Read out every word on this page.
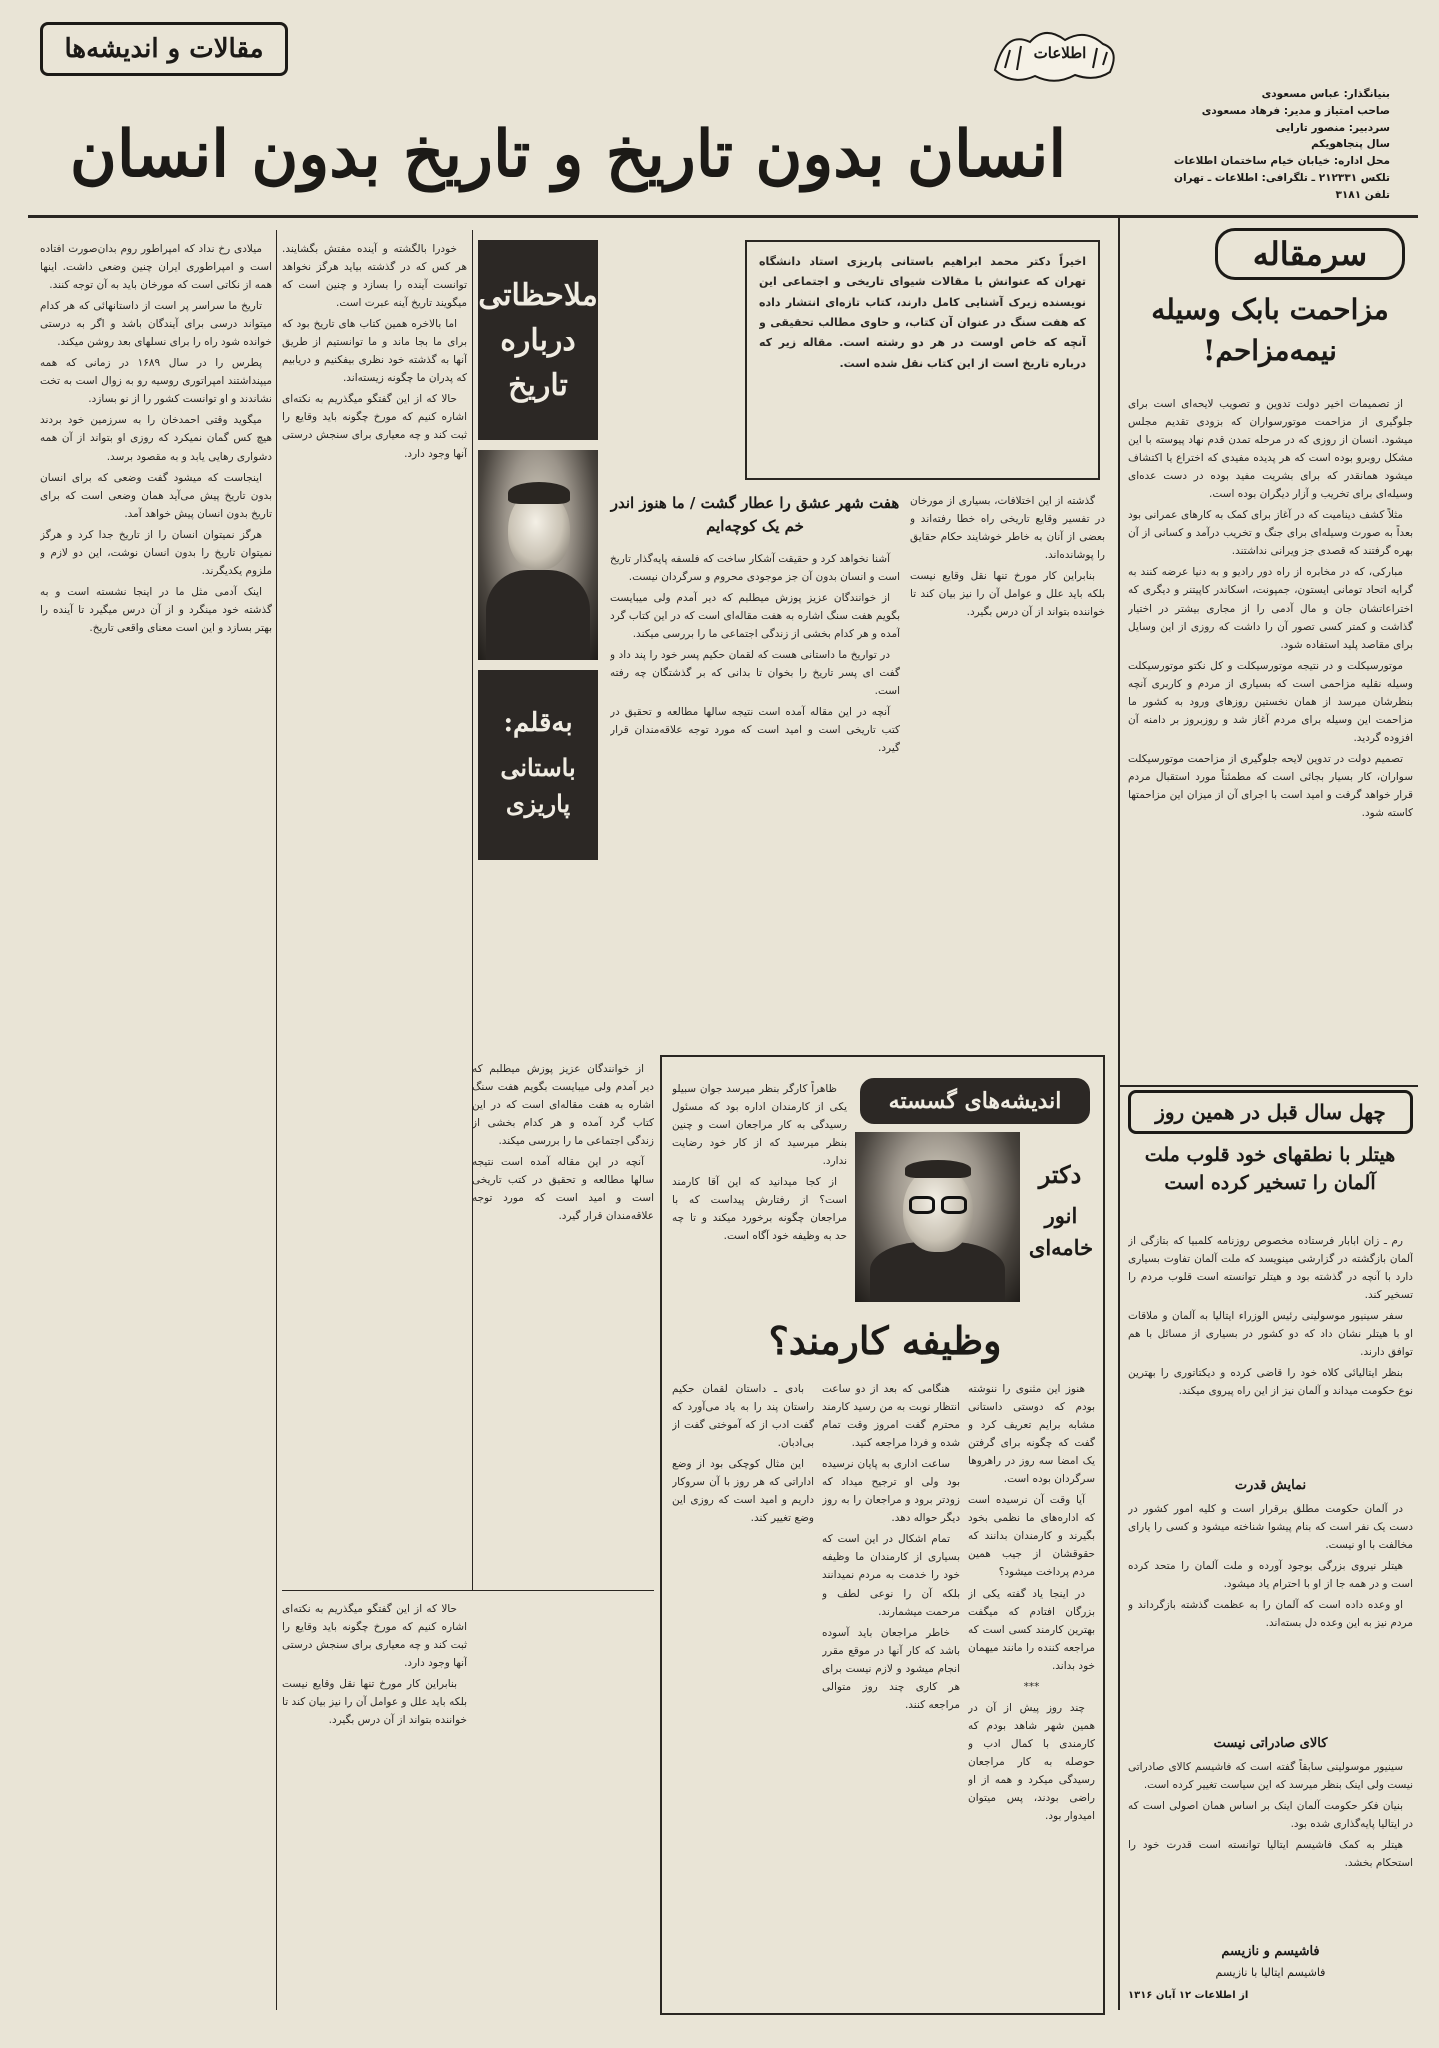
مقالات و اندیشه‌ها	اطلاعات
بنیانگذار: عباس مسعودی
صاحب امتیاز و مدیر: فرهاد مسعودی
سردبیر: منصور تارایی
سال پنجاهویکم
محل اداره: خیابان خیام ساختمان اطلاعات
تلکس ۲۱۲۳۳۱ ـ تلگرافی: اطلاعات ـ تهران
تلفن ۳۱۸۱
انسان بدون تاریخ و تاریخ بدون انسان
سرمقاله
مزاحمت بابک وسیله نیمه‌مزاحم!

از تصمیمات اخیر دولت تدوین و تصویب لایحه‌ای است برای جلوگیری از مزاحمت موتورسواران که بزودی تقدیم مجلس میشود. انسان از روزی که در مرحله تمدن قدم نهاد پیوسته با این مشکل روبرو بوده است که هر پدیده مفیدی که اختراع یا اکتشاف میشود همانقدر که برای بشریت مفید بوده در دست عده‌ای وسیله‌ای برای تخریب و آزار دیگران بوده است.

مثلاً کشف دینامیت که در آغاز برای کمک به کارهای عمرانی بود بعداً به صورت وسیله‌ای برای جنگ و تخریب درآمد و کسانی از آن بهره گرفتند که قصدی جز ویرانی نداشتند.

مبارکی، که در مخابره از راه دور رادیو و به دنیا عرضه کنند به گرایه اتحاد تومانی ایستون، جمپونت، اسکاندر کاپیتنر و دیگری که اختراعاتشان جان و مال آدمی را از مجاری بیشتر در اختیار گذاشت و کمتر کسی تصور آن را داشت که روزی از این وسایل برای مقاصد پلید استفاده شود.

موتورسیکلت و در نتیجه موتورسیکلت و کل نکتو موتورسیکلت وسیله نقلیه مزاحمی است که بسیاری از مردم و کاربری آنچه بنظرشان میرسد از همان نخستین روزهای ورود به کشور ما مزاحمت این وسیله برای مردم آغاز شد و روزبروز بر دامنه آن افزوده گردید.

تصمیم دولت در تدوین لایحه جلوگیری از مزاحمت موتورسیکلت سواران، کار بسیار بجائی است که مطمئناً مورد استقبال مردم قرار خواهد گرفت و امید است با اجرای آن از میزان این مزاحمتها کاسته شود.

چهل سال قبل در همین روز
هیتلر با نطقهای خود قلوب ملت آلمان را تسخیر کرده است

رم ـ زان ابابار فرستاده مخصوص روزنامه کلمبیا که بتازگی از آلمان بازگشته در گزارشی مینویسد که ملت آلمان تفاوت بسیاری دارد با آنچه در گذشته بود و هیتلر توانسته است قلوب مردم را تسخیر کند.

سفر سینیور موسولینی رئیس الوزراء ایتالیا به آلمان و ملاقات او با هیتلر نشان داد که دو کشور در بسیاری از مسائل با هم توافق دارند.

بنظر ایتالیائی کلاه خود را قاضی کرده و دیکتاتوری را بهترین نوع حکومت میداند و آلمان نیز از این راه پیروی میکند.

نمایش قدرت

در آلمان حکومت مطلق برقرار است و کلیه امور کشور در دست یک نفر است که بنام پیشوا شناخته میشود و کسی را یارای مخالفت با او نیست.

هیتلر نیروی بزرگی بوجود آورده و ملت آلمان را متحد کرده است و در همه جا از او با احترام یاد میشود.

او وعده داده است که آلمان را به عظمت گذشته بازگرداند و مردم نیز به این وعده دل بسته‌اند.

کالای صادراتی نیست

سینیور موسولینی سابقاً گفته است که فاشیسم کالای صادراتی نیست ولی اینک بنظر میرسد که این سیاست تغییر کرده است.

بنیان فکر حکومت آلمان اینک بر اساس همان اصولی است که در ایتالیا پایه‌گذاری شده بود.

هیتلر به کمک فاشیسم ایتالیا توانسته است قدرت خود را استحکام بخشد.

فاشیسم و نازیسم
فاشیسم ایتالیا با نازیسم
از اطلاعات ۱۲ آبان ۱۳۱۶
اخیراً دکتر محمد ابراهیم باستانی پاریزی استاد دانشگاه تهران که عنوانش با مقالات شیوای تاریخی و اجتماعی این نویسنده زیرک آشنایی کامل دارند، کتاب تازه‌ای انتشار داده که هفت سنگ در عنوان آن کتاب، و حاوی مطالب تحقیقی و آنچه که خاص اوست در هر دو رشته است. مقاله زیر که درباره تاریخ است از این کتاب نقل شده است.
ملاحظاتی درباره تاریخ
به‌قلم:
باستانی پاریزی
هفت شهر عشق را عطار گشت / ما هنوز اندر خم یک کوچه‌ایم

آشنا نخواهد کرد و حقیقت آشکار ساخت که فلسفه پایه‌گذار تاریخ است و انسان بدون آن جز موجودی محروم و سرگردان نیست.

از خوانندگان عزیز پوزش میطلبم که دیر آمدم ولی میبایست بگویم هفت سنگ اشاره به هفت مقاله‌ای است که در این کتاب گرد آمده و هر کدام بخشی از زندگی اجتماعی ما را بررسی میکند.

در تواریخ ما داستانی هست که لقمان حکیم پسر خود را پند داد و گفت ای پسر تاریخ را بخوان تا بدانی که بر گذشتگان چه رفته است.

آنچه در این مقاله آمده است نتیجه سالها مطالعه و تحقیق در کتب تاریخی است و امید است که مورد توجه علاقه‌مندان قرار گیرد.

گذشته از این اختلافات، بسیاری از مورخان در تفسیر وقایع تاریخی راه خطا رفته‌اند و بعضی از آنان به خاطر خوشایند حکام حقایق را پوشانده‌اند.

بنابراین کار مورخ تنها نقل وقایع نیست بلکه باید علل و عوامل آن را نیز بیان کند تا خواننده بتواند از آن درس بگیرد.

خودرا بالگشته و آینده مفتش بگشایند. هر کس که در گذشته بیاید هرگز نخواهد توانست آینده را بسازد و چنین است که میگویند تاریخ آینه عبرت است.

اما بالاخره همین کتاب های تاریخ بود که برای ما بجا ماند و ما توانستیم از طریق آنها به گذشته خود نظری بیفکنیم و دریابیم که پدران ما چگونه زیسته‌اند.

حالا که از این گفتگو میگذریم به نکته‌ای اشاره کنیم که مورخ چگونه باید وقایع را ثبت کند و چه معیاری برای سنجش درستی آنها وجود دارد.

میلادی رخ نداد که امپراطور روم بدان‌صورت افتاده است و امپراطوری ایران چنین وضعی داشت. اینها همه از نکاتی است که مورخان باید به آن توجه کنند.

تاریخ ما سراسر پر است از داستانهائی که هر کدام میتواند درسی برای آیندگان باشد و اگر به درستی خوانده شود راه را برای نسلهای بعد روشن میکند.

پطرس را در سال ۱۶۸۹ در زمانی که همه میپنداشتند امپراتوری روسیه رو به زوال است به تخت نشاندند و او توانست کشور را از نو بسازد.

میگوید وقتی احمدخان را به سرزمین خود بردند هیچ کس گمان نمیکرد که روزی او بتواند از آن همه دشواری رهایی یابد و به مقصود برسد.

اینجاست که میشود گفت وضعی که برای انسان بدون تاریخ پیش می‌آید همان وضعی است که برای تاریخ بدون انسان پیش خواهد آمد.

هرگز نمیتوان انسان را از تاریخ جدا کرد و هرگز نمیتوان تاریخ را بدون انسان نوشت، این دو لازم و ملزوم یکدیگرند.

اینک آدمی مثل ما در اینجا نشسته است و به گذشته خود مینگرد و از آن درس میگیرد تا آینده را بهتر بسازد و این است معنای واقعی تاریخ.

اندیشه‌های گسسته
دکتر
انور خامه‌ای
وظیفه کارمند؟

ظاهراً کارگر بنظر میرسد جوان سبیلو یکی از کارمندان اداره بود که مسئول رسیدگی به کار مراجعان است و چنین بنظر میرسید که از کار خود رضایت ندارد.

از کجا میدانید که این آقا کارمند است؟ از رفتارش پیداست که با مراجعان چگونه برخورد میکند و تا چه حد به وظیفه خود آگاه است.

هنوز این مثنوی را ننوشته بودم که دوستی داستانی مشابه برایم تعریف کرد و گفت که چگونه برای گرفتن یک امضا سه روز در راهروها سرگردان بوده است.

آیا وقت آن نرسیده است که اداره‌های ما نظمی بخود بگیرند و کارمندان بدانند که حقوقشان از جیب همین مردم پرداخت میشود؟

در اینجا یاد گفته یکی از بزرگان افتادم که میگفت بهترین کارمند کسی است که مراجعه کننده را مانند میهمان خود بداند.

***

چند روز پیش از آن در همین شهر شاهد بودم که کارمندی با کمال ادب و حوصله به کار مراجعان رسیدگی میکرد و همه از او راضی بودند، پس میتوان امیدوار بود.

هنگامی که بعد از دو ساعت انتظار نوبت به من رسید کارمند محترم گفت امروز وقت تمام شده و فردا مراجعه کنید.

ساعت اداری به پایان نرسیده بود ولی او ترجیح میداد که زودتر برود و مراجعان را به روز دیگر حواله دهد.

تمام اشکال در این است که بسیاری از کارمندان ما وظیفه خود را خدمت به مردم نمیدانند بلکه آن را نوعی لطف و مرحمت میشمارند.

خاطر مراجعان باید آسوده باشد که کار آنها در موقع مقرر انجام میشود و لازم نیست برای هر کاری چند روز متوالی مراجعه کنند.

بادی ـ داستان لقمان حکیم راستان پند را به یاد می‌آورد که گفت ادب از که آموختی گفت از بی‌ادبان.

این مثال کوچکی بود از وضع اداراتی که هر روز با آن سروکار داریم و امید است که روزی این وضع تغییر کند.

از خوانندگان عزیز پوزش میطلبم که دیر آمدم ولی میبایست بگویم هفت سنگ اشاره به هفت مقاله‌ای است که در این کتاب گرد آمده و هر کدام بخشی از زندگی اجتماعی ما را بررسی میکند.

آنچه در این مقاله آمده است نتیجه سالها مطالعه و تحقیق در کتب تاریخی است و امید است که مورد توجه علاقه‌مندان قرار گیرد.

حالا که از این گفتگو میگذریم به نکته‌ای اشاره کنیم که مورخ چگونه باید وقایع را ثبت کند و چه معیاری برای سنجش درستی آنها وجود دارد.

بنابراین کار مورخ تنها نقل وقایع نیست بلکه باید علل و عوامل آن را نیز بیان کند تا خواننده بتواند از آن درس بگیرد.
